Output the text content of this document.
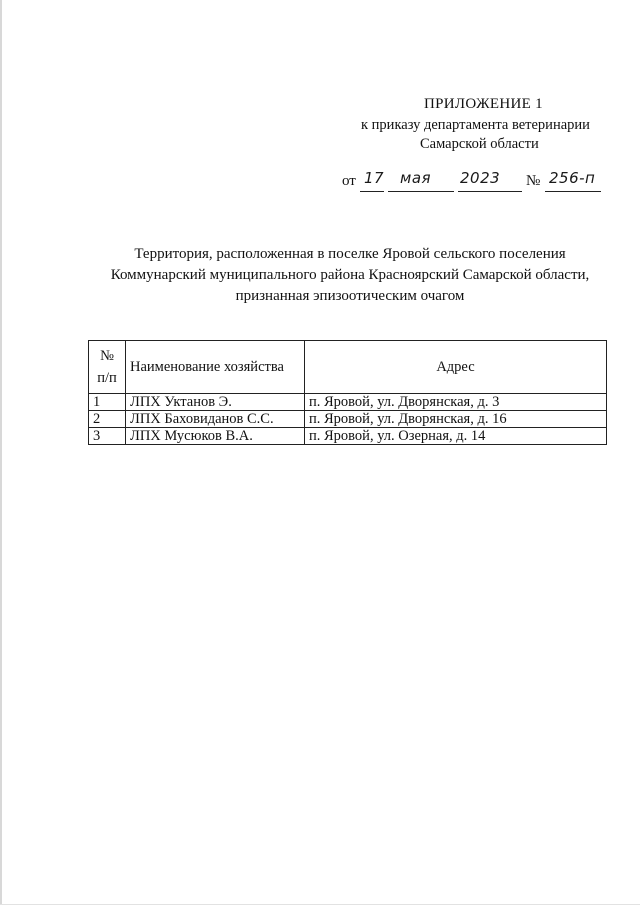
ПРИЛОЖЕНИЕ 1
к приказу департамента ветеринарии
Самарской области
от 17 мая 2023 № 256-п
Территория, расположенная в поселке Яровой сельского поселения
Коммунарский муниципального района Красноярский Самарской области,
признанная эпизоотическим очагом
№
п/п	Наименование хозяйства	Адрес
1	ЛПХ Уктанов Э.	п. Яровой, ул. Дворянская, д. 3
2	ЛПХ Баховиданов С.С.	п. Яровой, ул. Дворянская, д. 16
3	ЛПХ Мусюков В.А.	п. Яровой, ул. Озерная, д. 14
